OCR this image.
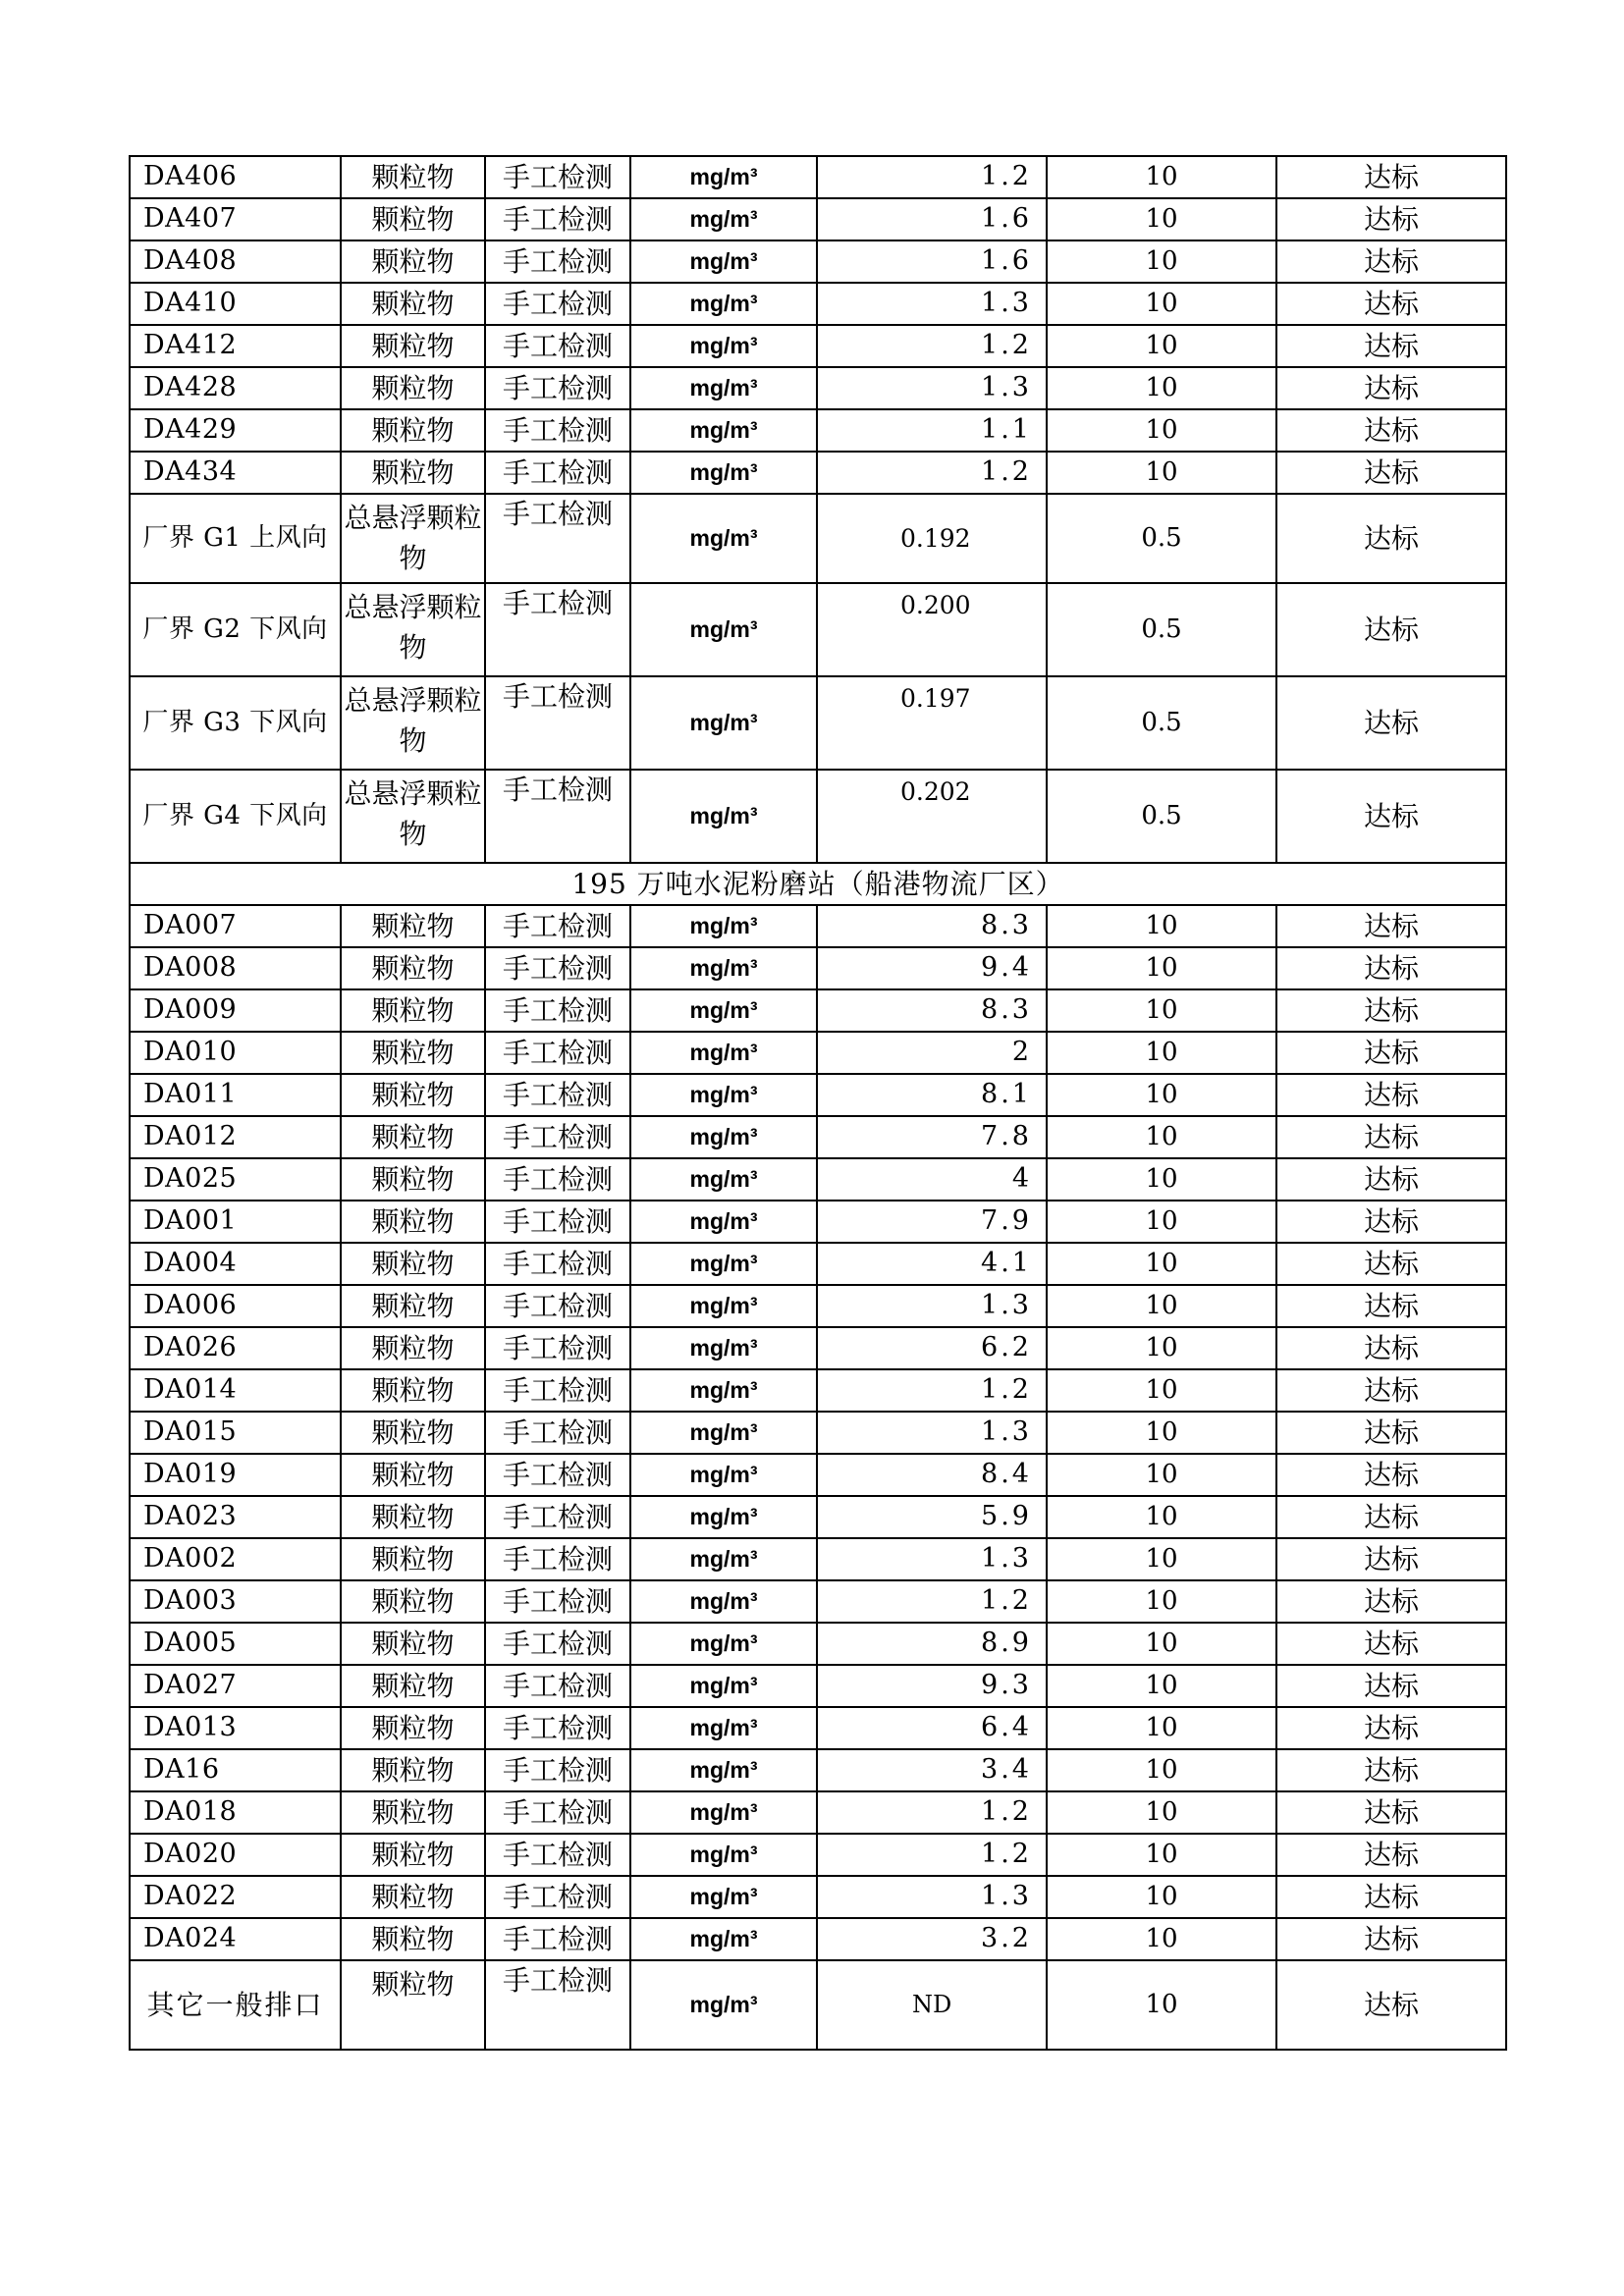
DA406	颗粒物	手工检测	mg/m³	1.2	10	达标
DA407	颗粒物	手工检测	mg/m³	1.6	10	达标
DA408	颗粒物	手工检测	mg/m³	1.6	10	达标
DA410	颗粒物	手工检测	mg/m³	1.3	10	达标
DA412	颗粒物	手工检测	mg/m³	1.2	10	达标
DA428	颗粒物	手工检测	mg/m³	1.3	10	达标
DA429	颗粒物	手工检测	mg/m³	1.1	10	达标
DA434	颗粒物	手工检测	mg/m³	1.2	10	达标
厂界 G1 上风向	总悬浮颗粒物	手工检测	mg/m³	0.192	0.5	达标
厂界 G2 下风向	总悬浮颗粒物	手工检测	mg/m³	0.200	0.5	达标
厂界 G3 下风向	总悬浮颗粒物	手工检测	mg/m³	0.197	0.5	达标
厂界 G4 下风向	总悬浮颗粒物	手工检测	mg/m³	0.202	0.5	达标
195 万吨水泥粉磨站（船港物流厂区）						
DA007	颗粒物	手工检测	mg/m³	8.3	10	达标
DA008	颗粒物	手工检测	mg/m³	9.4	10	达标
DA009	颗粒物	手工检测	mg/m³	8.3	10	达标
DA010	颗粒物	手工检测	mg/m³	2	10	达标
DA011	颗粒物	手工检测	mg/m³	8.1	10	达标
DA012	颗粒物	手工检测	mg/m³	7.8	10	达标
DA025	颗粒物	手工检测	mg/m³	4	10	达标
DA001	颗粒物	手工检测	mg/m³	7.9	10	达标
DA004	颗粒物	手工检测	mg/m³	4.1	10	达标
DA006	颗粒物	手工检测	mg/m³	1.3	10	达标
DA026	颗粒物	手工检测	mg/m³	6.2	10	达标
DA014	颗粒物	手工检测	mg/m³	1.2	10	达标
DA015	颗粒物	手工检测	mg/m³	1.3	10	达标
DA019	颗粒物	手工检测	mg/m³	8.4	10	达标
DA023	颗粒物	手工检测	mg/m³	5.9	10	达标
DA002	颗粒物	手工检测	mg/m³	1.3	10	达标
DA003	颗粒物	手工检测	mg/m³	1.2	10	达标
DA005	颗粒物	手工检测	mg/m³	8.9	10	达标
DA027	颗粒物	手工检测	mg/m³	9.3	10	达标
DA013	颗粒物	手工检测	mg/m³	6.4	10	达标
DA16	颗粒物	手工检测	mg/m³	3.4	10	达标
DA018	颗粒物	手工检测	mg/m³	1.2	10	达标
DA020	颗粒物	手工检测	mg/m³	1.2	10	达标
DA022	颗粒物	手工检测	mg/m³	1.3	10	达标
DA024	颗粒物	手工检测	mg/m³	3.2	10	达标
其它一般排口	颗粒物	手工检测	mg/m³	ND	10	达标
